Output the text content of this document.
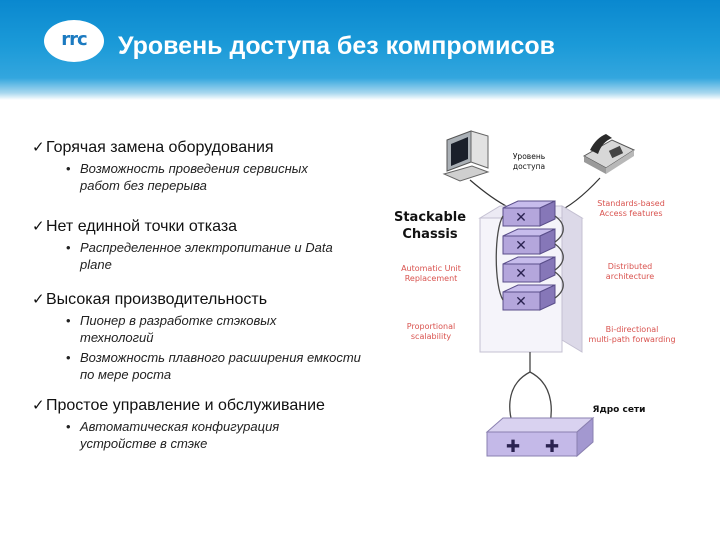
rrc	Уровень доступа без компромисов
✓ Горячая замена оборудования
• Возможность проведения сервисных работ без перерыва
✓ Нет единной точки отказа
• Распределенное электропитание и Data plane
✓ Высокая производительность
• Пионер в разработке стэковых технологий
• Возможность плавного расширения емкости по мере роста
✓ Простое управление и обслуживание
• Автоматическая конфигурация устройстве в стэке
✕
✕
✕
✕
✚ ✚
Уровень
доступа
Stackable
Chassis
Automatic Unit
Replacement
Proportional
scalability
Standards-based
Access features
Distributed
architecture
Bi-directional
multi-path forwarding
Ядро сети
